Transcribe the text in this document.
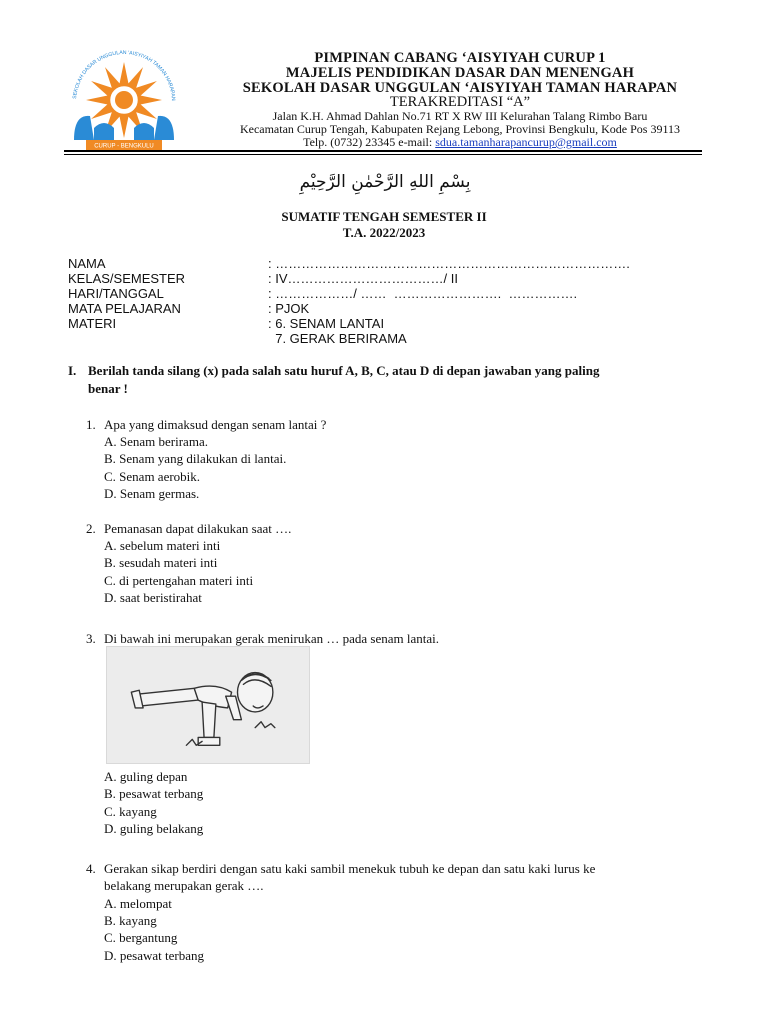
SEKOLAH DASAR UNGGULAN 'AISYIYAH TAMAN HARAPAN
CURUP - BENGKULU
PIMPINAN CABANG ‘AISYIYAH CURUP 1
MAJELIS PENDIDIKAN DASAR DAN MENENGAH
SEKOLAH DASAR UNGGULAN ‘AISYIYAH TAMAN HARAPAN
TERAKREDITASI “A”
Jalan K.H. Ahmad Dahlan No.71 RT X RW III Kelurahan Talang Rimbo Baru
Kecamatan Curup Tengah, Kabupaten Rejang Lebong, Provinsi Bengkulu, Kode Pos 39113
Telp. (0732) 23345 e-mail: sdua.tamanharapancurup@gmail.com
بِسْمِ اللهِ الرَّحْمٰنِ الرَّحِيْمِ
SUMATIF TENGAH SEMESTER II
T.A. 2022/2023
NAMA	: ……………………………………………………………………….
KELAS/SEMESTER	: IV………………………………/ II
HARI/TANGGAL	: ………………/ ……  …………………….  …………….
MATA PELAJARAN	: PJOK
MATERI	: 6. SENAM LANTAI
7. GERAK BERIRAMA
I. Berilah tanda silang (x) pada salah satu huruf A, B, C, atau D di depan jawaban yang paling
benar !
1. Apa yang dimaksud dengan senam lantai ?
A. Senam berirama.
B. Senam yang dilakukan di lantai.
C. Senam aerobik.
D. Senam germas.
2. Pemanasan dapat dilakukan saat ….
A. sebelum materi inti
B. sesudah materi inti
C. di pertengahan materi inti
D. saat beristirahat
3. Di bawah ini merupakan gerak menirukan … pada senam lantai.
A. guling depan
B. pesawat terbang
C. kayang
D. guling belakang
4. Gerakan sikap berdiri dengan satu kaki sambil menekuk tubuh ke depan dan satu kaki lurus ke
belakang merupakan gerak ….
A. melompat
B. kayang
C. bergantung
D. pesawat terbang
